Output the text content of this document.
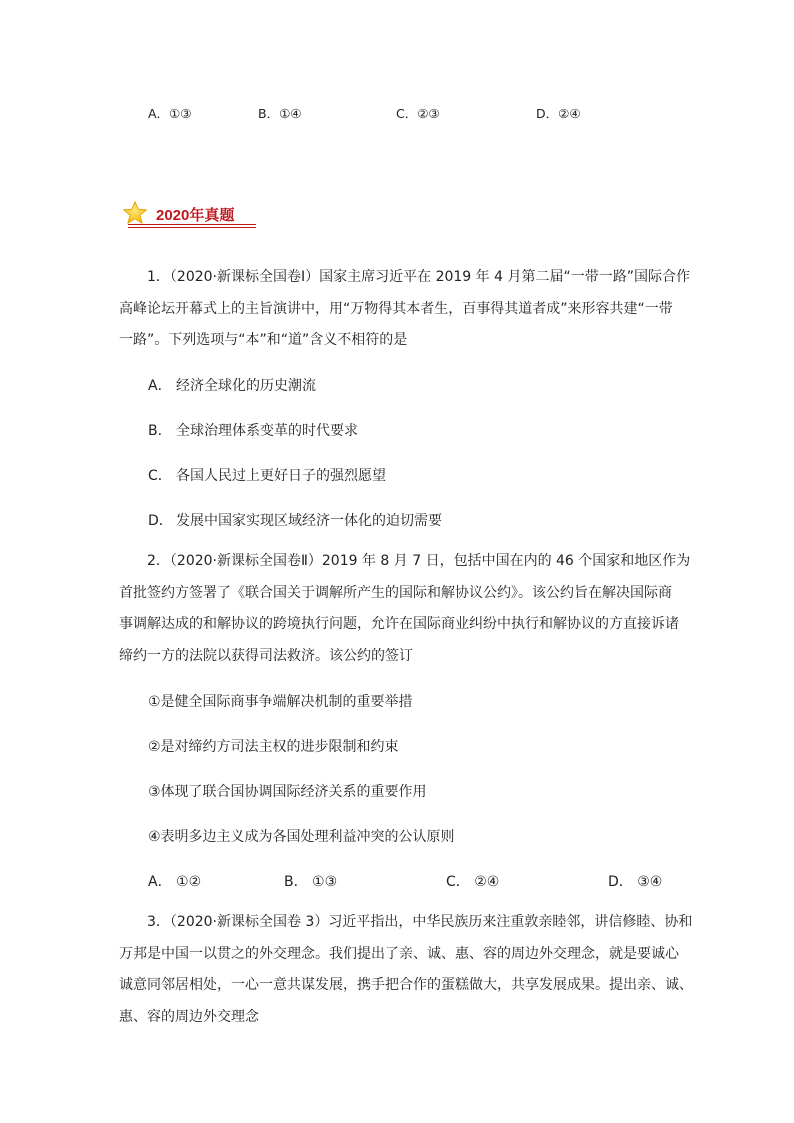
A．①③	B．①④	C．②③	D．②④
2020年真题
1．（2020·新课标全国卷Ⅰ）国家主席习近平在 2019 年 4 月第二届“一带一路”国际合作
高峰论坛开幕式上的主旨演讲中，用“万物得其本者生，百事得其道者成”来形容共建“一带
一路”。下列选项与“本”和“道”含义不相符的是
A． 经济全球化的历史潮流
B． 全球治理体系变革的时代要求
C． 各国人民过上更好日子的强烈愿望
D． 发展中国家实现区域经济一体化的迫切需要
2．（2020·新课标全国卷Ⅱ）2019 年 8 月 7 日，包括中国在内的 46 个国家和地区作为
首批签约方签署了《联合国关于调解所产生的国际和解协议公约》。该公约旨在解决国际商
事调解达成的和解协议的跨境执行问题，允许在国际商业纠纷中执行和解协议的方直接诉诸
缔约一方的法院以获得司法救济。该公约的签订
①是健全国际商事争端解决机制的重要举措
②是对缔约方司法主权的进步限制和约束
③体现了联合国协调国际经济关系的重要作用
④表明多边主义成为各国处理利益冲突的公认原则
A． ①②	B． ①③	C． ②④	D． ③④
3．（2020·新课标全国卷 3）习近平指出，中华民族历来注重敦亲睦邻，讲信修睦、协和
万邦是中国一以贯之的外交理念。我们提出了亲、诚、惠、容的周边外交理念，就是要诚心
诚意同邻居相处，一心一意共谋发展，携手把合作的蛋糕做大，共享发展成果。提出亲、诚、
惠、容的周边外交理念
